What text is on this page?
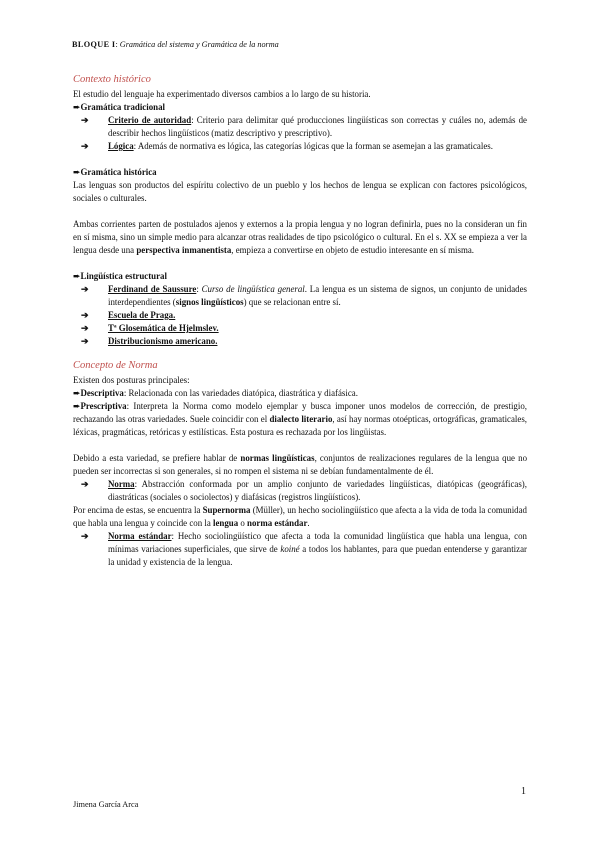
BLOQUE I: Gramática del sistema y Gramática de la norma
Contexto histórico

El estudio del lenguaje ha experimentado diversos cambios a lo largo de su historia.

➨Gramática tradicional
➔ Criterio de autoridad: Criterio para delimitar qué producciones lingüísticas son correctas y cuáles no, además de describir hechos lingüísticos (matiz descriptivo y prescriptivo).
➔ Lógica: Además de normativa es lógica, las categorías lógicas que la forman se asemejan a las gramaticales.
➨Gramática histórica

Las lenguas son productos del espíritu colectivo de un pueblo y los hechos de lengua se explican con factores psicológicos, sociales o culturales.

Ambas corrientes parten de postulados ajenos y externos a la propia lengua y no logran definirla, pues no la consideran un fin en sí misma, sino un simple medio para alcanzar otras realidades de tipo psicológico o cultural. En el s. XX se empieza a ver la lengua desde una perspectiva inmanentista, empieza a convertirse en objeto de estudio interesante en sí misma.

➨Lingüística estructural
➔ Ferdinand de Saussure: Curso de lingüística general. La lengua es un sistema de signos, un conjunto de unidades interdependientes (signos lingüísticos) que se relacionan entre sí.
➔ Escuela de Praga.
➔ Tª Glosemática de Hjelmslev.
➔ Distribucionismo americano.
Concepto de Norma

Existen dos posturas principales:

➨Descriptiva: Relacionada con las variedades diatópica, diastrática y diafásica.

➨Prescriptiva: Interpreta la Norma como modelo ejemplar y busca imponer unos modelos de corrección, de prestigio, rechazando las otras variedades. Suele coincidir con el dialecto literario, así hay normas otoépticas, ortográficas, gramaticales, léxicas, pragmáticas, retóricas y estilísticas. Esta postura es rechazada por los lingüistas.

Debido a esta variedad, se prefiere hablar de normas lingüísticas, conjuntos de realizaciones regulares de la lengua que no pueden ser incorrectas si son generales, si no rompen el sistema ni se debían fundamentalmente de él.

➔ Norma: Abstracción conformada por un amplio conjunto de variedades lingüísticas, diatópicas (geográficas), diastráticas (sociales o sociolectos) y diafásicas (registros lingüísticos).

Por encima de estas, se encuentra la Supernorma (Müller), un hecho sociolingüístico que afecta a la vida de toda la comunidad que habla una lengua y coincide con la lengua o norma estándar.

➔ Norma estándar: Hecho sociolingüístico que afecta a toda la comunidad lingüística que habla una lengua, con mínimas variaciones superficiales, que sirve de koiné a todos los hablantes, para que puedan entenderse y garantizar la unidad y existencia de la lengua.
1
Jimena García Arca
